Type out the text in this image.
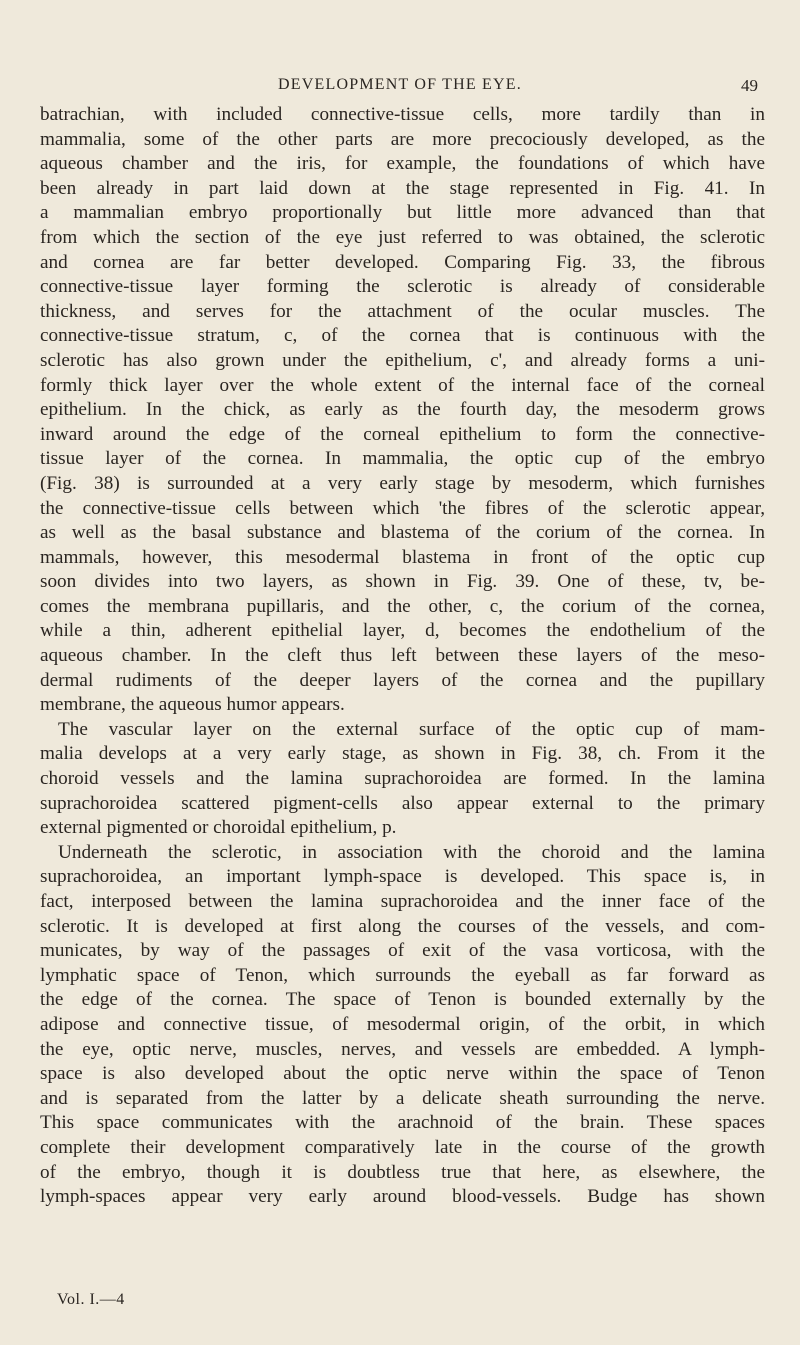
DEVELOPMENT OF THE EYE.	49
batrachian, with included connective-tissue cells, more tardily than in
mammalia, some of the other parts are more precociously developed, as the
aqueous chamber and the iris, for example, the foundations of which have
been already in part laid down at the stage represented in Fig. 41. In
a mammalian embryo proportionally but little more advanced than that
from which the section of the eye just referred to was obtained, the sclerotic
and cornea are far better developed. Comparing Fig. 33, the fibrous
connective-tissue layer forming the sclerotic is already of considerable
thickness, and serves for the attachment of the ocular muscles. The
connective-tissue stratum, c, of the cornea that is continuous with the
sclerotic has also grown under the epithelium, c', and already forms a uni-
formly thick layer over the whole extent of the internal face of the corneal
epithelium. In the chick, as early as the fourth day, the mesoderm grows
inward around the edge of the corneal epithelium to form the connective-
tissue layer of the cornea. In mammalia, the optic cup of the embryo
(Fig. 38) is surrounded at a very early stage by mesoderm, which furnishes
the connective-tissue cells between which 'the fibres of the sclerotic appear,
as well as the basal substance and blastema of the corium of the cornea. In
mammals, however, this mesodermal blastema in front of the optic cup
soon divides into two layers, as shown in Fig. 39. One of these, tv, be-
comes the membrana pupillaris, and the other, c, the corium of the cornea,
while a thin, adherent epithelial layer, d, becomes the endothelium of the
aqueous chamber. In the cleft thus left between these layers of the meso-
dermal rudiments of the deeper layers of the cornea and the pupillary
membrane, the aqueous humor appears.
The vascular layer on the external surface of the optic cup of mam-
malia develops at a very early stage, as shown in Fig. 38, ch. From it the
choroid vessels and the lamina suprachoroidea are formed. In the lamina
suprachoroidea scattered pigment-cells also appear external to the primary
external pigmented or choroidal epithelium, p.
Underneath the sclerotic, in association with the choroid and the lamina
suprachoroidea, an important lymph-space is developed. This space is, in
fact, interposed between the lamina suprachoroidea and the inner face of the
sclerotic. It is developed at first along the courses of the vessels, and com-
municates, by way of the passages of exit of the vasa vorticosa, with the
lymphatic space of Tenon, which surrounds the eyeball as far forward as
the edge of the cornea. The space of Tenon is bounded externally by the
adipose and connective tissue, of mesodermal origin, of the orbit, in which
the eye, optic nerve, muscles, nerves, and vessels are embedded. A lymph-
space is also developed about the optic nerve within the space of Tenon
and is separated from the latter by a delicate sheath surrounding the nerve.
This space communicates with the arachnoid of the brain. These spaces
complete their development comparatively late in the course of the growth
of the embryo, though it is doubtless true that here, as elsewhere, the
lymph-spaces appear very early around blood-vessels. Budge has shown
Vol. I.—4
